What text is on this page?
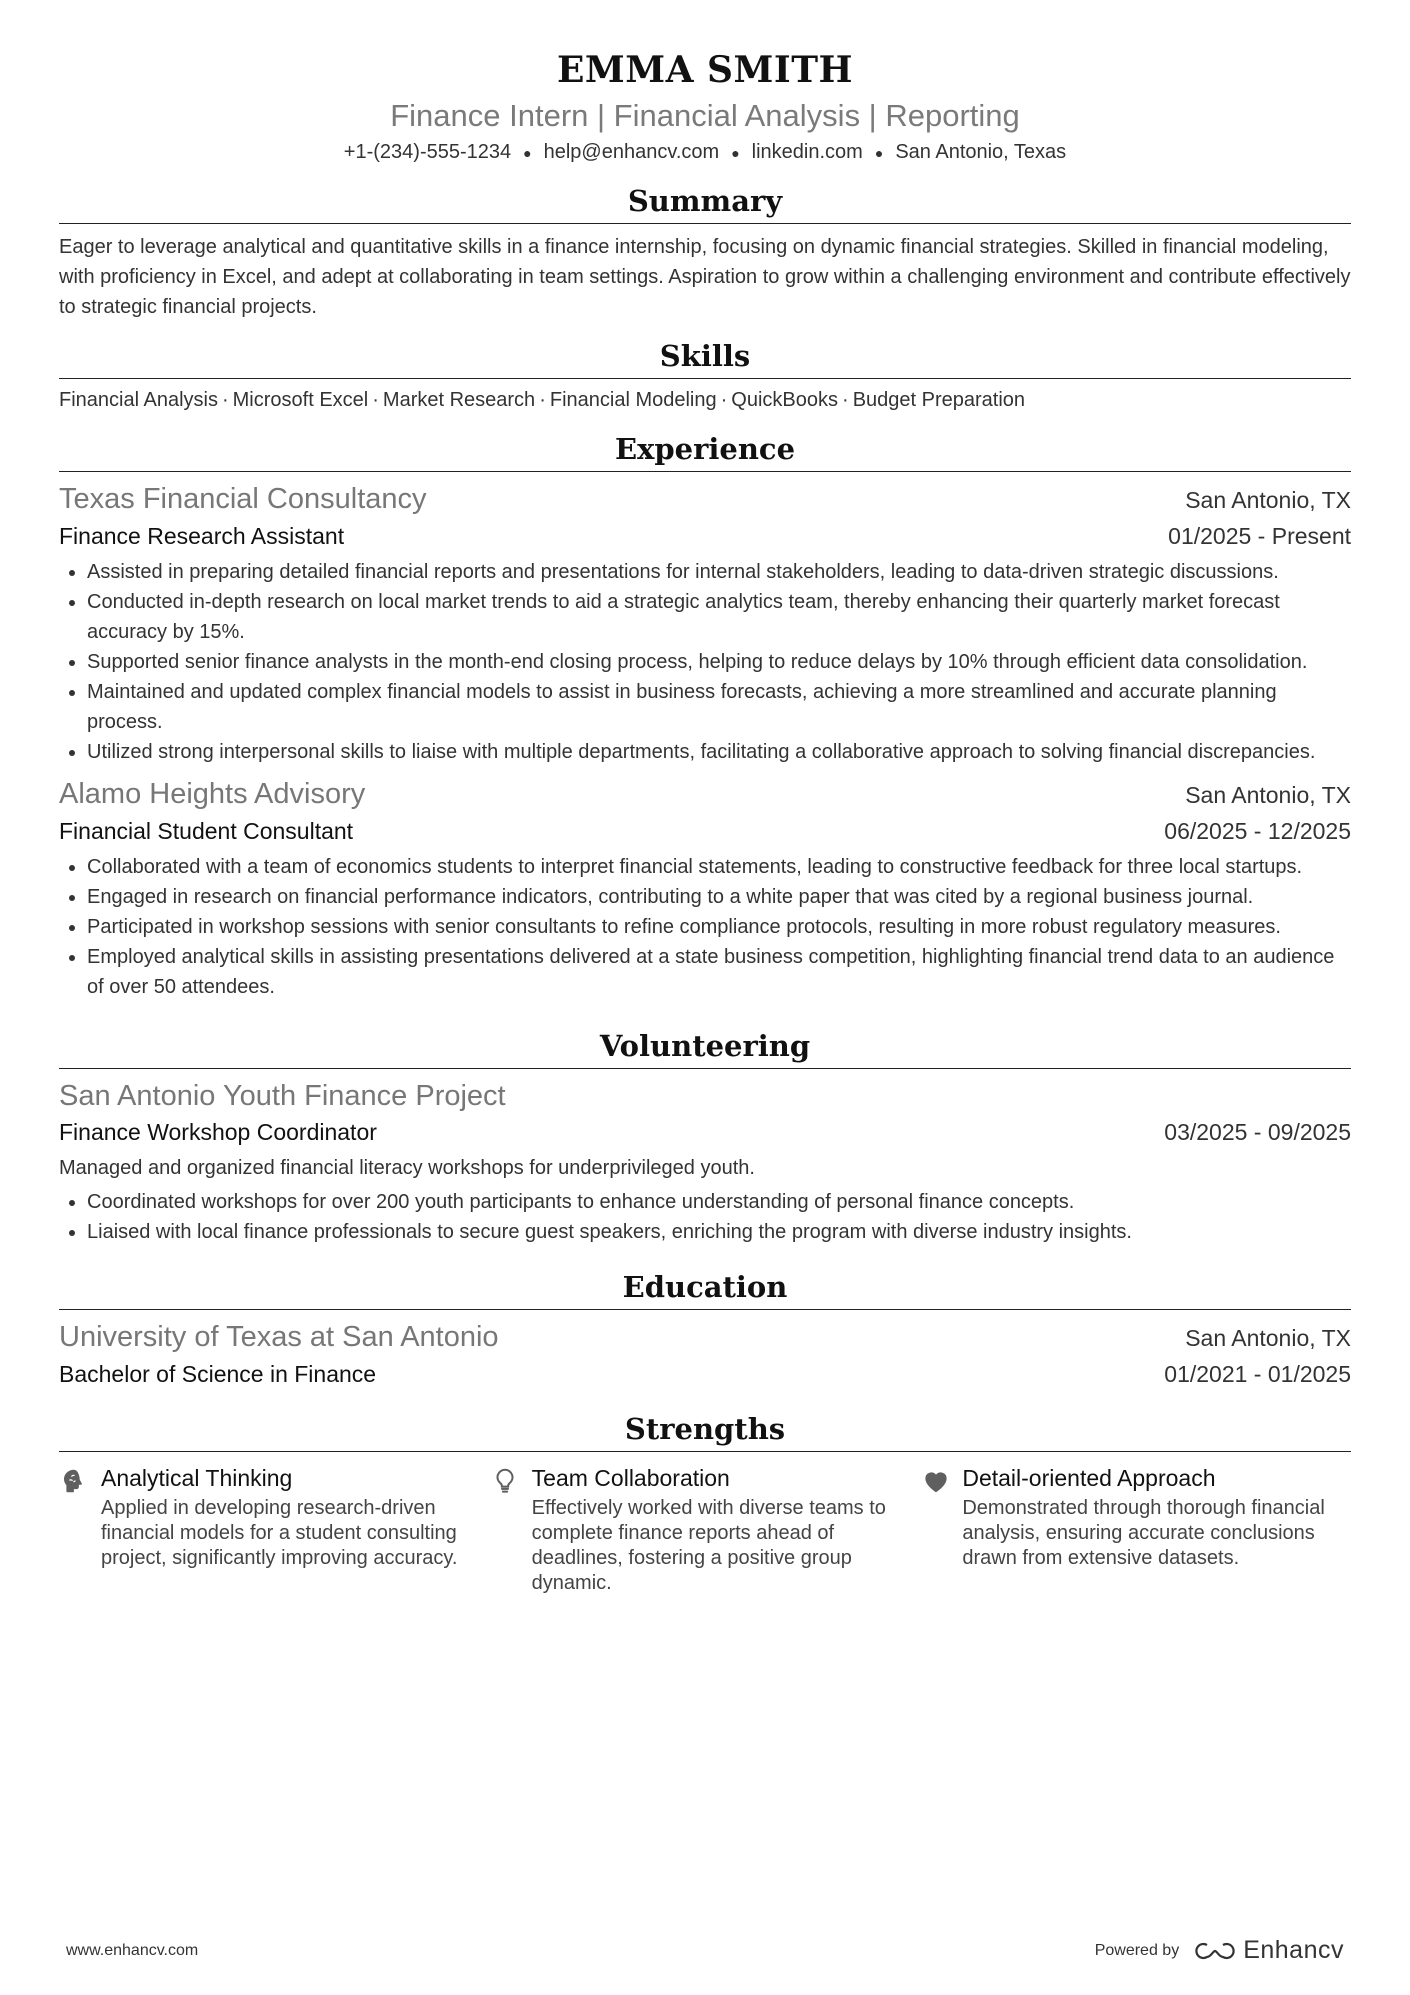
EMMA SMITH
Finance Intern | Financial Analysis | Reporting
+1-(234)-555-1234 ● help@enhancv.com ● linkedin.com ● San Antonio, Texas
Summary
Eager to leverage analytical and quantitative skills in a finance internship, focusing on dynamic financial strategies. Skilled in financial modeling, with proficiency in Excel, and adept at collaborating in team settings. Aspiration to grow within a challenging environment and contribute effectively to strategic financial projects.
Skills
Financial Analysis · Microsoft Excel · Market Research · Financial Modeling · QuickBooks · Budget Preparation
Experience
Texas Financial Consultancy	San Antonio, TX
Finance Research Assistant	01/2025 - Present
• Assisted in preparing detailed financial reports and presentations for internal stakeholders, leading to data-driven strategic discussions.
• Conducted in-depth research on local market trends to aid a strategic analytics team, thereby enhancing their quarterly market forecast accuracy by 15%.
• Supported senior finance analysts in the month-end closing process, helping to reduce delays by 10% through efficient data consolidation.
• Maintained and updated complex financial models to assist in business forecasts, achieving a more streamlined and accurate planning process.
• Utilized strong interpersonal skills to liaise with multiple departments, facilitating a collaborative approach to solving financial discrepancies.
Alamo Heights Advisory	San Antonio, TX
Financial Student Consultant	06/2025 - 12/2025
• Collaborated with a team of economics students to interpret financial statements, leading to constructive feedback for three local startups.
• Engaged in research on financial performance indicators, contributing to a white paper that was cited by a regional business journal.
• Participated in workshop sessions with senior consultants to refine compliance protocols, resulting in more robust regulatory measures.
• Employed analytical skills in assisting presentations delivered at a state business competition, highlighting financial trend data to an audience of over 50 attendees.
Volunteering
San Antonio Youth Finance Project
Finance Workshop Coordinator	03/2025 - 09/2025
Managed and organized financial literacy workshops for underprivileged youth.
• Coordinated workshops for over 200 youth participants to enhance understanding of personal finance concepts.
• Liaised with local finance professionals to secure guest speakers, enriching the program with diverse industry insights.
Education
University of Texas at San Antonio	San Antonio, TX
Bachelor of Science in Finance	01/2021 - 01/2025
Strengths
Analytical Thinking
Applied in developing research-driven financial models for a student consulting project, significantly improving accuracy.
Team Collaboration
Effectively worked with diverse teams to complete finance reports ahead of deadlines, fostering a positive group dynamic.
Detail-oriented Approach
Demonstrated through thorough financial analysis, ensuring accurate conclusions drawn from extensive datasets.
www.enhancv.com	Powered by	Enhancv
